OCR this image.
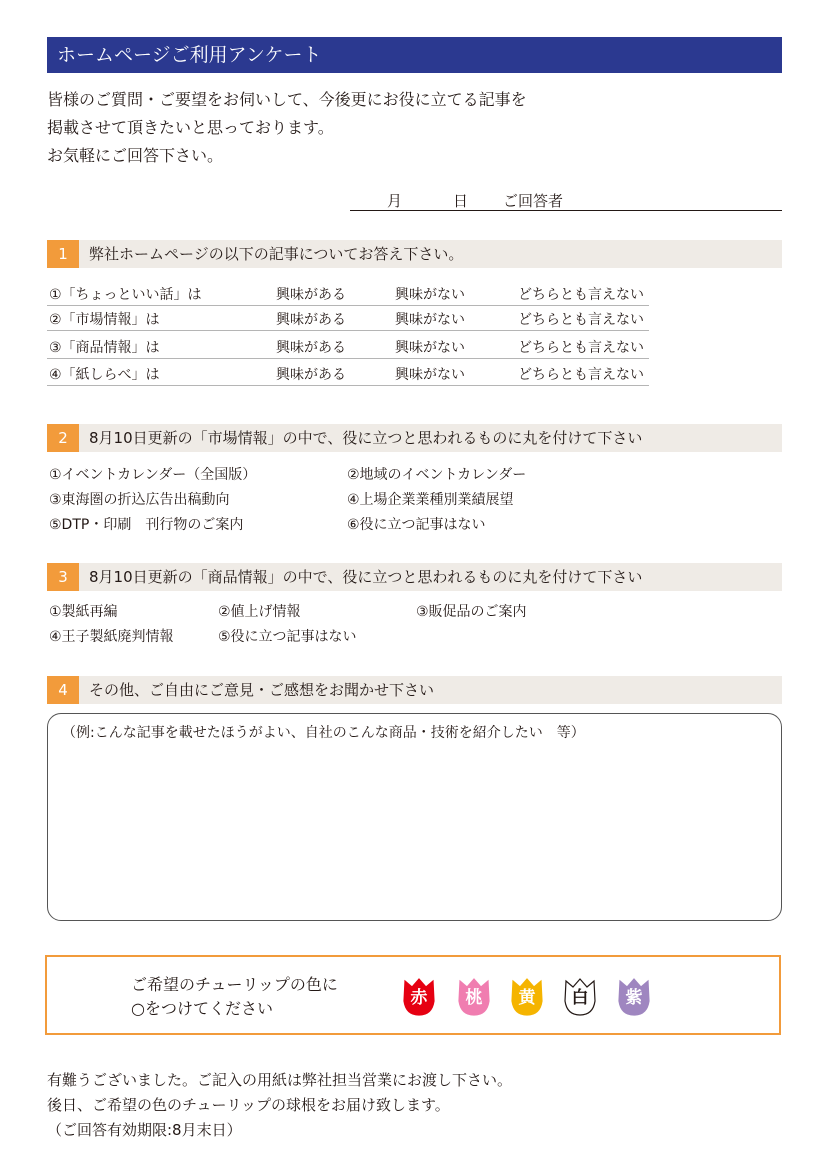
ホームページご利用アンケート
皆様のご質問・ご要望をお伺いして、今後更にお役に立てる記事を
掲載させて頂きたいと思っております。
お気軽にご回答下さい。
月	日 ご回答者
1	弊社ホームページの以下の記事についてお答え下さい。
①「ちょっといい話」は	興味がある	興味がない	どちらとも言えない
②「市場情報」は	興味がある	興味がない	どちらとも言えない
③「商品情報」は	興味がある	興味がない	どちらとも言えない
④「紙しらべ」は	興味がある	興味がない	どちらとも言えない
2	8月10日更新の「市場情報」の中で、役に立つと思われるものに丸を付けて下さい
①イベントカレンダー（全国版）	②地域のイベントカレンダー
③東海圏の折込広告出稿動向	④上場企業業種別業績展望
⑤DTP・印刷　刊行物のご案内	⑥役に立つ記事はない
3	8月10日更新の「商品情報」の中で、役に立つと思われるものに丸を付けて下さい
①製紙再編	②値上げ情報	③販促品のご案内
④王子製紙廃判情報	⑤役に立つ記事はない
4	その他、ご自由にご意見・ご感想をお聞かせ下さい
（例:こんな記事を載せたほうがよい、自社のこんな商品・技術を紹介したい　等）
ご希望のチューリップの色に
○をつけてください
赤	桃	黄	白	紫
有難うございました。ご記入の用紙は弊社担当営業にお渡し下さい。
後日、ご希望の色のチューリップの球根をお届け致します。
（ご回答有効期限:8月末日）
